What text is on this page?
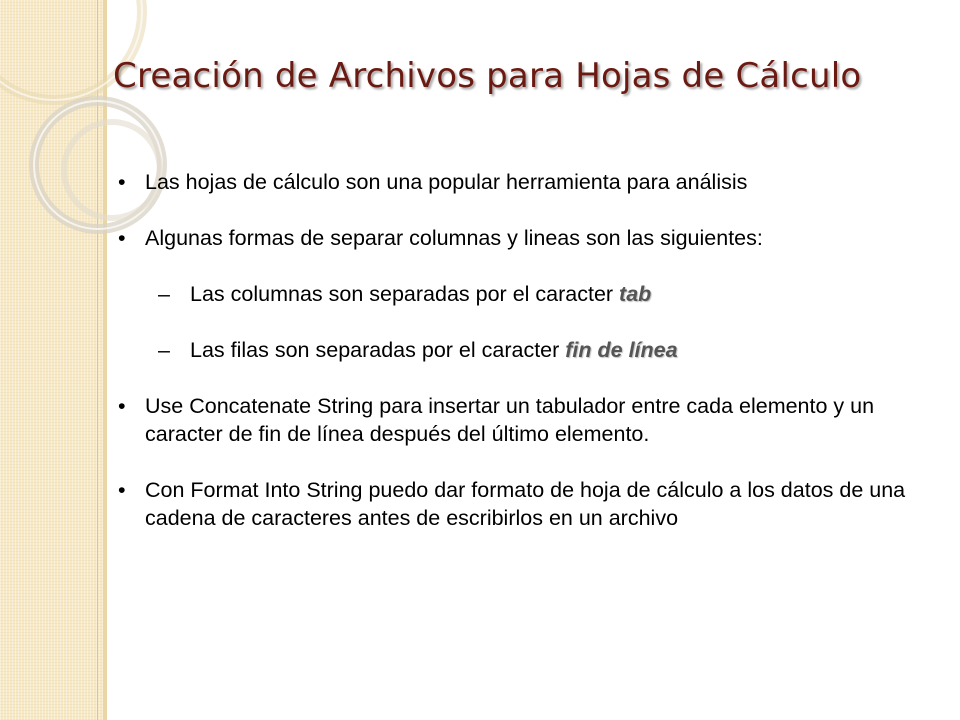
Creación de Archivos para Hojas de Cálculo
• Las hojas de cálculo son una popular herramienta para análisis
• Algunas formas de separar columnas y lineas son las siguientes:
– Las columnas son separadas por el caracter tab
– Las filas son separadas por el caracter fin de línea
• Use Concatenate String para insertar un tabulador entre cada elemento y un caracter de fin de línea después del último elemento.
• Con Format Into String puedo dar formato de hoja de cálculo a los datos de una cadena de caracteres antes de escribirlos en un archivo
